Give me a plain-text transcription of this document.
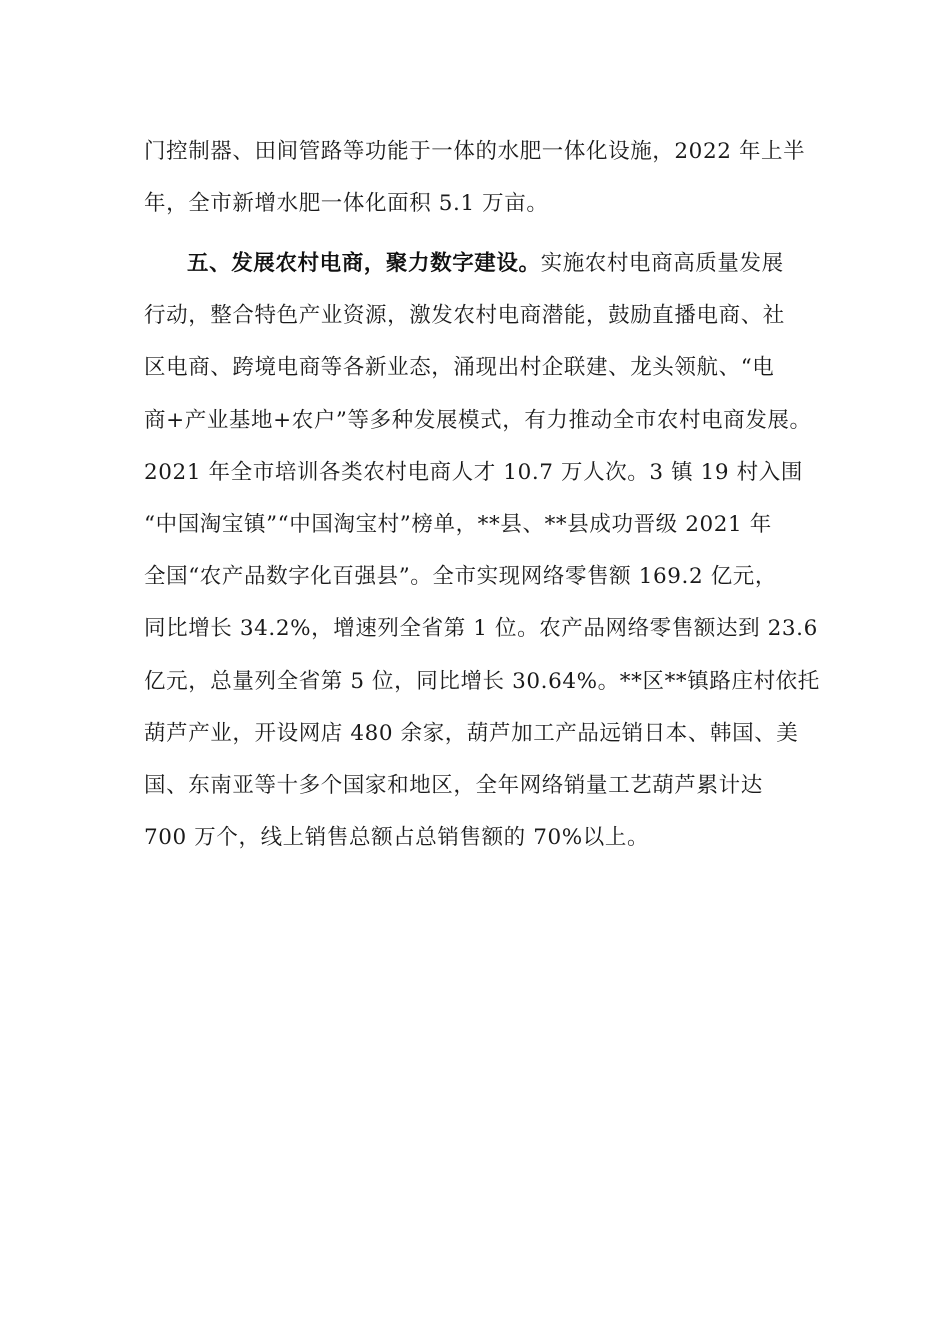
门控制器、田间管路等功能于一体的水肥一体化设施，2022 年上半
年，全市新增水肥一体化面积 5.1 万亩。
五、发展农村电商，聚力数字建设。实施农村电商高质量发展
行动，整合特色产业资源，激发农村电商潜能，鼓励直播电商、社
区电商、跨境电商等各新业态，涌现出村企联建、龙头领航、“电
商+产业基地+农户”等多种发展模式，有力推动全市农村电商发展。
2021 年全市培训各类农村电商人才 10.7 万人次。3 镇 19 村入围
“中国淘宝镇”“中国淘宝村”榜单，**县、**县成功晋级 2021 年
全国“农产品数字化百强县”。全市实现网络零售额 169.2 亿元，
同比增长 34.2%，增速列全省第 1 位。农产品网络零售额达到 23.6
亿元，总量列全省第 5 位，同比增长 30.64%。**区**镇路庄村依托
葫芦产业，开设网店 480 余家，葫芦加工产品远销日本、韩国、美
国、东南亚等十多个国家和地区，全年网络销量工艺葫芦累计达
700 万个，线上销售总额占总销售额的 70%以上。
